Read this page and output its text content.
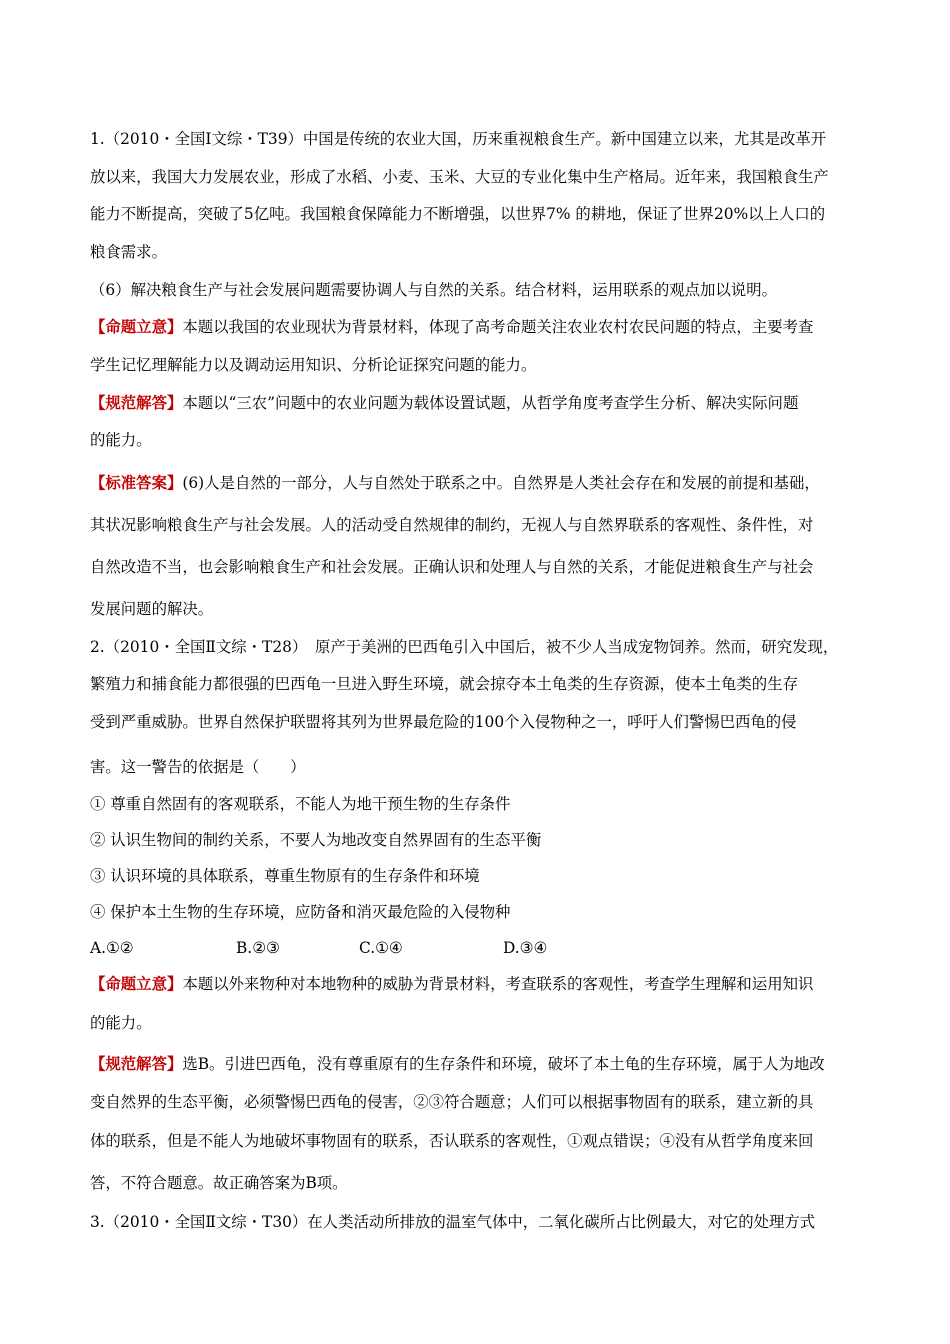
1.（2010・全国Ⅰ文综・T39）中国是传统的农业大国，历来重视粮食生产。新中国建立以来，尤其是改革开
放以来，我国大力发展农业，形成了水稻、小麦、玉米、大豆的专业化集中生产格局。近年来，我国粮食生产
能力不断提高，突破了5亿吨。我国粮食保障能力不断增强，以世界7% 的耕地，保证了世界20%以上人口的
粮食需求。
（6）解决粮食生产与社会发展问题需要协调人与自然的关系。结合材料，运用联系的观点加以说明。
【命题立意】本题以我国的农业现状为背景材料，体现了高考命题关注农业农村农民问题的特点，主要考查
学生记忆理解能力以及调动运用知识、分析论证探究问题的能力。
【规范解答】本题以“三农”问题中的农业问题为载体设置试题，从哲学角度考查学生分析、解决实际问题
的能力。
【标准答案】(6)人是自然的一部分，人与自然处于联系之中。自然界是人类社会存在和发展的前提和基础，
其状况影响粮食生产与社会发展。人的活动受自然规律的制约，无视人与自然界联系的客观性、条件性，对
自然改造不当，也会影响粮食生产和社会发展。正确认识和处理人与自然的关系，才能促进粮食生产与社会
发展问题的解决。
2.（2010・全国Ⅱ文综・T28）　原产于美洲的巴西龟引入中国后，被不少人当成宠物饲养。然而，研究发现，
繁殖力和捕食能力都很强的巴西龟一旦进入野生环境，就会掠夺本土龟类的生存资源，使本土龟类的生存
受到严重威胁。世界自然保护联盟将其列为世界最危险的100个入侵物种之一，呼吁人们警惕巴西龟的侵
害。这一警告的依据是（　　）
① 尊重自然固有的客观联系，不能人为地干预生物的生存条件
② 认识生物间的制约关系，不要人为地改变自然界固有的生态平衡
③ 认识环境的具体联系，尊重生物原有的生存条件和环境
④ 保护本土生物的生存环境，应防备和消灭最危险的入侵物种
A.①②	B.②③	C.①④	D.③④
【命题立意】本题以外来物种对本地物种的威胁为背景材料，考查联系的客观性，考查学生理解和运用知识
的能力。
【规范解答】选B。引进巴西龟，没有尊重原有的生存条件和环境，破坏了本土龟的生存环境，属于人为地改
变自然界的生态平衡，必须警惕巴西龟的侵害，②③符合题意；人们可以根据事物固有的联系，建立新的具
体的联系，但是不能人为地破坏事物固有的联系，否认联系的客观性，①观点错误；④没有从哲学角度来回
答，不符合题意。故正确答案为B项。
3.（2010・全国Ⅱ文综・T30）在人类活动所排放的温室气体中，二氧化碳所占比例最大，对它的处理方式
